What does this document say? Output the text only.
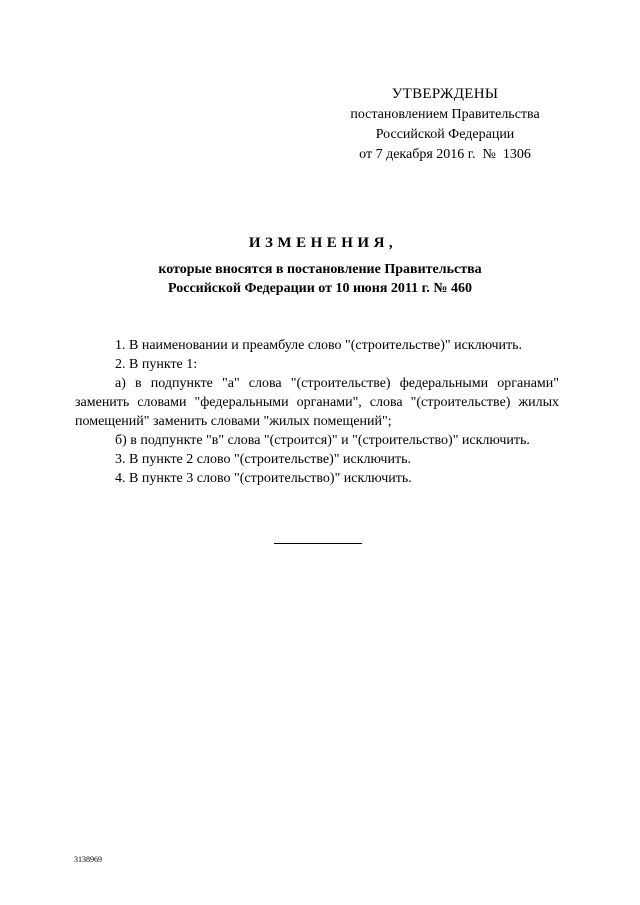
УТВЕРЖДЕНЫ
постановлением Правительства
Российской Федерации
от 7 декабря 2016 г.  №  1306
ИЗМЕНЕНИЯ,
которые вносятся в постановление Правительства
Российской Федерации от 10 июня 2011 г. № 460

1. В наименовании и преамбуле слово "(строительстве)" исключить.

2. В пункте 1:

а) в подпункте "а" слова "(строительстве) федеральными органами" заменить словами "федеральными органами", слова "(строительстве) жилых помещений" заменить словами "жилых помещений";

б) в подпункте "в" слова "(строится)" и "(строительство)" исключить.

3. В пункте 2 слово "(строительстве)" исключить.

4. В пункте 3 слово "(строительство)" исключить.

3138969
